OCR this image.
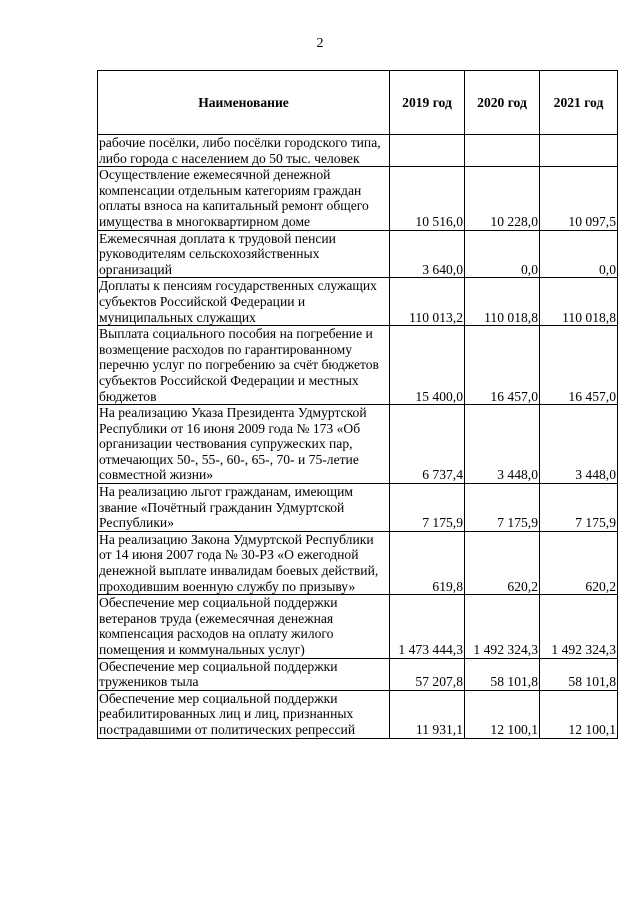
2
Наименование	2019 год	2020 год	2021 год
рабочие посёлки, либо посёлки городского типа, либо города с населением до 50 тыс. человек			
Осуществление ежемесячной денежной компенсации отдельным категориям граждан оплаты взноса на капитальный ремонт общего имущества в многоквартирном доме	10 516,0	10 228,0	10 097,5
Ежемесячная доплата к трудовой пенсии руководителям сельскохозяйственных организаций	3 640,0	0,0	0,0
Доплаты к пенсиям государственных служащих субъектов Российской Федерации и муниципальных служащих	110 013,2	110 018,8	110 018,8
Выплата социального пособия на погребение и возмещение расходов по гарантированному перечню услуг по погребению за счёт бюджетов субъектов Российской Федерации и местных бюджетов	15 400,0	16 457,0	16 457,0
На реализацию Указа Президента Удмуртской Республики от 16 июня 2009 года № 173 «Об организации чествования супружеских пар, отмечающих 50-, 55-, 60-, 65-, 70- и 75-летие совместной жизни»	6 737,4	3 448,0	3 448,0
На реализацию льгот гражданам, имеющим звание «Почётный гражданин Удмуртской Республики»	7 175,9	7 175,9	7 175,9
На реализацию Закона Удмуртской Республики от 14 июня 2007 года № 30-РЗ «О ежегодной денежной выплате инвалидам боевых действий, проходившим военную службу по призыву»	619,8	620,2	620,2
Обеспечение мер социальной поддержки ветеранов труда (ежемесячная денежная компенсация расходов на оплату жилого помещения и коммунальных услуг)	1 473 444,3	1 492 324,3	1 492 324,3
Обеспечение мер социальной поддержки тружеников тыла	57 207,8	58 101,8	58 101,8
Обеспечение мер социальной поддержки реабилитированных лиц и лиц, признанных пострадавшими от политических репрессий	11 931,1	12 100,1	12 100,1
